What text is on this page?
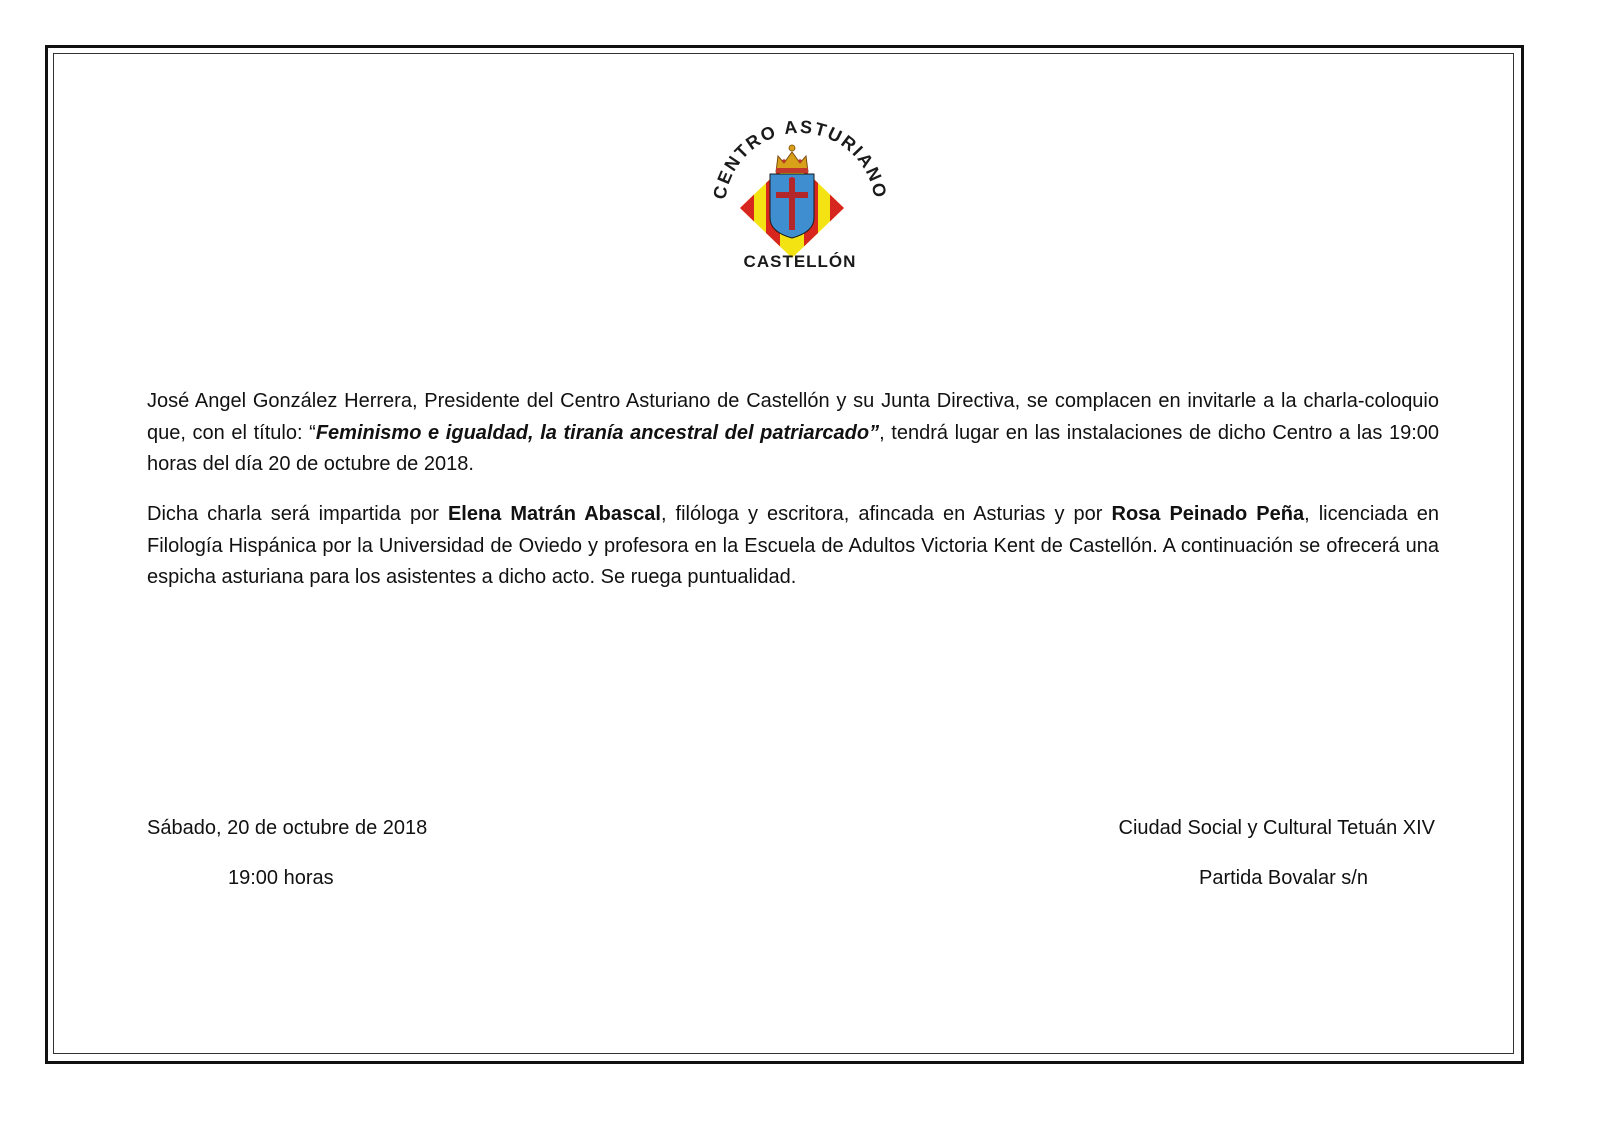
CENTRO ASTURIANO
CASTELLÓN

José Angel González Herrera, Presidente del Centro Asturiano de Castellón y su Junta Directiva, se complacen en invitarle a la charla-coloquio que, con el título: “Feminismo e igualdad, la tiranía ancestral del patriarcado”, tendrá lugar en las instalaciones de dicho Centro a las 19:00 horas del día 20 de octubre de 2018.

Dicha charla será impartida por Elena Matrán Abascal, filóloga y escritora, afincada en Asturias y por Rosa Peinado Peña, licenciada en Filología Hispánica por la Universidad de Oviedo y profesora en la Escuela de Adultos Victoria Kent de Castellón. A continuación se ofrecerá una espicha asturiana para los asistentes a dicho acto. Se ruega puntualidad.

Sábado, 20 de octubre de 2018
19:00 horas
Ciudad Social y Cultural Tetuán XIV
Partida Bovalar s/n
